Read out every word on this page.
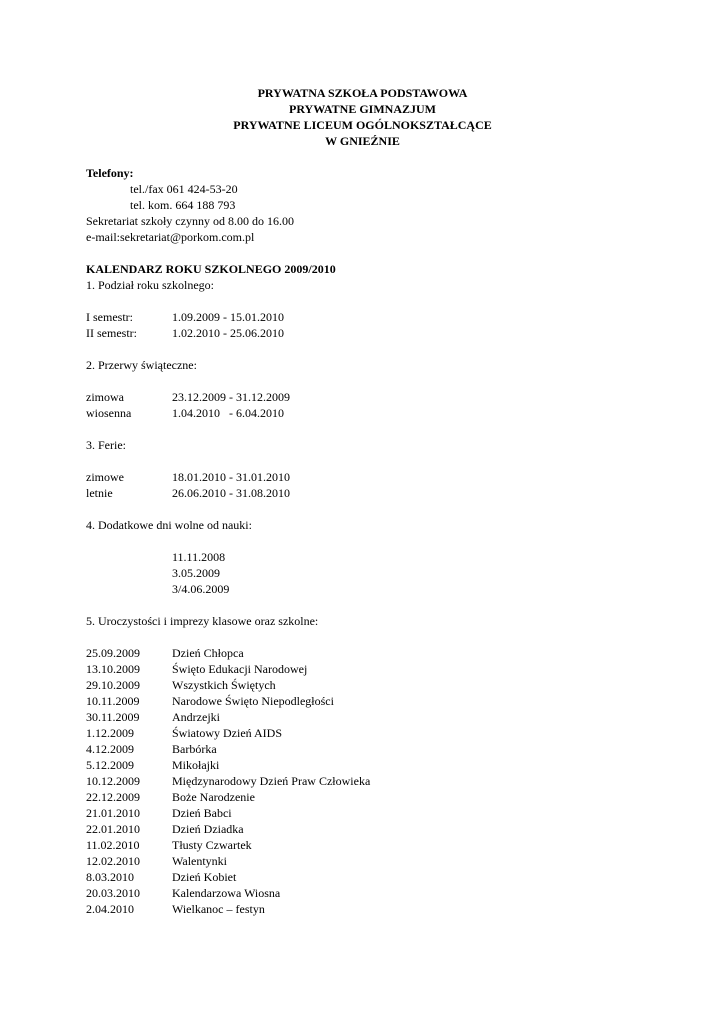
PRYWATNA SZKOŁA PODSTAWOWA
PRYWATNE GIMNAZJUM
PRYWATNE LICEUM OGÓLNOKSZTAŁCĄCE
W GNIEŹNIE
Telefony:
tel./fax 061 424-53-20
tel. kom. 664 188 793
Sekretariat szkoły czynny od 8.00 do 16.00
e-mail:sekretariat@porkom.com.pl
KALENDARZ ROKU SZKOLNEGO 2009/2010
1. Podział roku szkolnego:
I semestr:	1.09.2009 - 15.01.2010
II semestr:	1.02.2010 - 25.06.2010
2. Przerwy świąteczne:
zimowa	23.12.2009 - 31.12.2009
wiosenna	1.04.2010   - 6.04.2010
3. Ferie:
zimowe	18.01.2010 - 31.01.2010
letnie	26.06.2010 - 31.08.2010
4. Dodatkowe dni wolne od nauki:
11.11.2008
3.05.2009
3/4.06.2009
5. Uroczystości i imprezy klasowe oraz szkolne:
25.09.2009	Dzień Chłopca
13.10.2009	Święto Edukacji Narodowej
29.10.2009	Wszystkich Świętych
10.11.2009	Narodowe Święto Niepodległości
30.11.2009	Andrzejki
1.12.2009	Światowy Dzień AIDS
4.12.2009	Barbórka
5.12.2009	Mikołajki
10.12.2009	Międzynarodowy Dzień Praw Człowieka
22.12.2009	Boże Narodzenie
21.01.2010	Dzień Babci
22.01.2010	Dzień Dziadka
11.02.2010	Tłusty Czwartek
12.02.2010	Walentynki
8.03.2010	Dzień Kobiet
20.03.2010	Kalendarzowa Wiosna
2.04.2010	Wielkanoc – festyn
